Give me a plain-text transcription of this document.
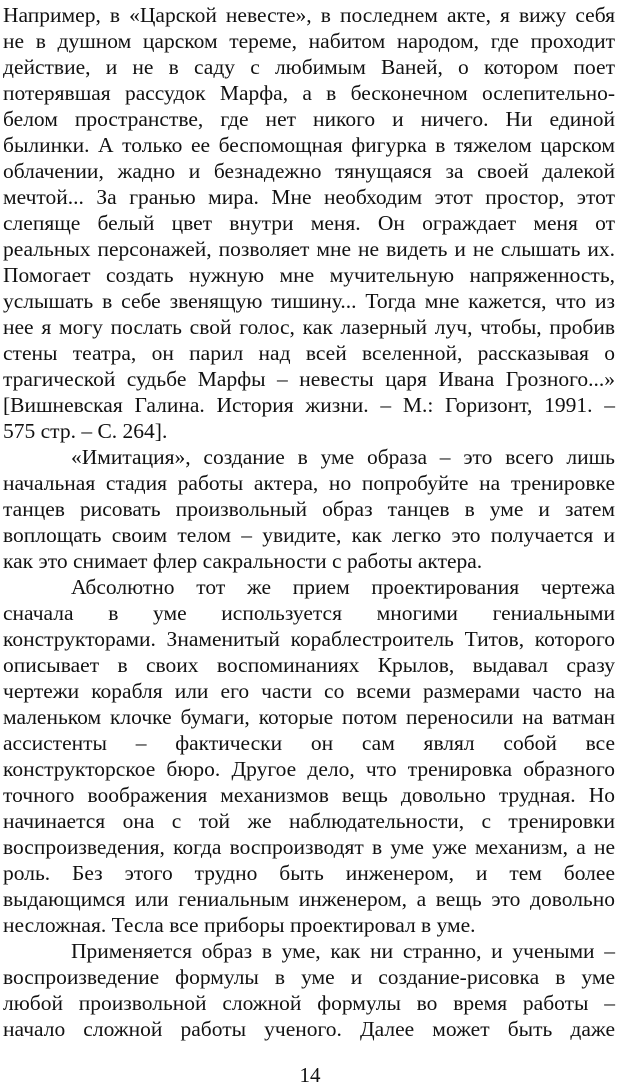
Например, в «Царской невесте», в последнем акте, я вижу себя
не в душном царском тереме, набитом народом, где проходит
действие, и не в саду с любимым Ваней, о котором поет
потерявшая рассудок Марфа, а в бесконечном ослепительно-
белом пространстве, где нет никого и ничего. Ни единой
былинки. А только ее беспомощная фигурка в тяжелом царском
облачении, жадно и безнадежно тянущаяся за своей далекой
мечтой... За гранью мира. Мне необходим этот простор, этот
слепяще белый цвет внутри меня. Он ограждает меня от
реальных персонажей, позволяет мне не видеть и не слышать их.
Помогает создать нужную мне мучительную напряженность,
услышать в себе звенящую тишину... Тогда мне кажется, что из
нее я могу послать свой голос, как лазерный луч, чтобы, пробив
стены театра, он парил над всей вселенной, рассказывая о
трагической судьбе Марфы – невесты царя Ивана Грозного...»
[Вишневская Галина. История жизни. – М.: Горизонт, 1991. –
575 стр. – С. 264].
«Имитация», создание в уме образа – это всего лишь
начальная стадия работы актера, но попробуйте на тренировке
танцев рисовать произвольный образ танцев в уме и затем
воплощать своим телом – увидите, как легко это получается и
как это снимает флер сакральности с работы актера.
Абсолютно тот же прием проектирования чертежа
сначала в уме используется многими гениальными
конструкторами. Знаменитый кораблестроитель Титов, которого
описывает в своих воспоминаниях Крылов, выдавал сразу
чертежи корабля или его части со всеми размерами часто на
маленьком клочке бумаги, которые потом переносили на ватман
ассистенты – фактически он сам являл собой все
конструкторское бюро. Другое дело, что тренировка образного
точного воображения механизмов вещь довольно трудная. Но
начинается она с той же наблюдательности, с тренировки
воспроизведения, когда воспроизводят в уме уже механизм, а не
роль. Без этого трудно быть инженером, и тем более
выдающимся или гениальным инженером, а вещь это довольно
несложная. Тесла все приборы проектировал в уме.
Применяется образ в уме, как ни странно, и учеными –
воспроизведение формулы в уме и создание-рисовка в уме
любой произвольной сложной формулы во время работы –
начало сложной работы ученого. Далее может быть даже
14
